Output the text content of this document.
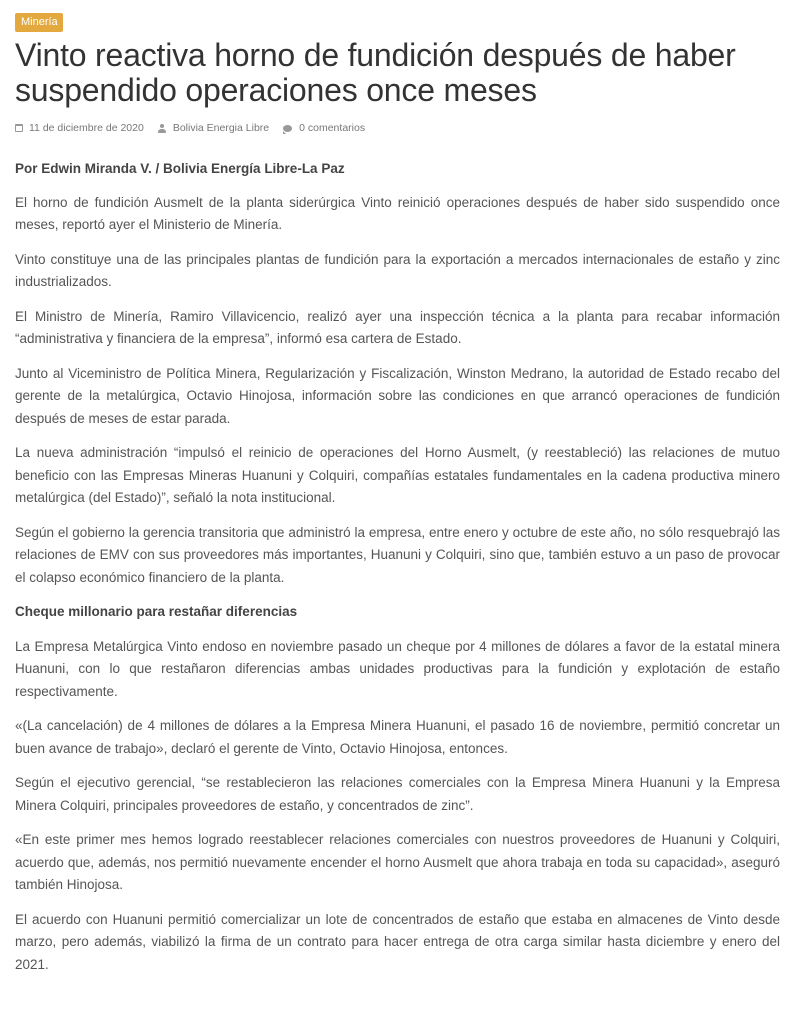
Minería
Vinto reactiva horno de fundición después de haber
suspendido operaciones once meses
11 de diciembre de 2020	Bolivia Energia Libre	0 comentarios

Por Edwin Miranda V. / Bolivia Energía Libre-La Paz

El horno de fundición Ausmelt de la planta siderúrgica Vinto reinició operaciones después de haber sido suspendido once meses, reportó ayer el Ministerio de Minería.

Vinto constituye una de las principales plantas de fundición para la exportación a mercados internacionales de estaño y zinc industrializados.

El Ministro de Minería, Ramiro Villavicencio, realizó ayer una inspección técnica a la planta para recabar información “administrativa y financiera de la empresa”, informó esa cartera de Estado.

Junto al Viceministro de Política Minera, Regularización y Fiscalización, Winston Medrano, la autoridad de Estado recabo del gerente de la metalúrgica, Octavio Hinojosa, información sobre las condiciones en que arrancó operaciones de fundición después de meses de estar parada.

La nueva administración “impulsó el reinicio de operaciones del Horno Ausmelt, (y reestableció) las relaciones de mutuo beneficio con las Empresas Mineras Huanuni y Colquiri, compañías estatales fundamentales en la cadena productiva minero metalúrgica (del Estado)”, señaló la nota institucional.

Según el gobierno la gerencia transitoria que administró la empresa, entre enero y octubre de este año, no sólo resquebrajó las relaciones de EMV con sus proveedores más importantes, Huanuni y Colquiri, sino que, también estuvo a un paso de provocar el colapso económico financiero de la planta.

Cheque millonario para restañar diferencias

La Empresa Metalúrgica Vinto endoso en noviembre pasado un cheque por 4 millones de dólares a favor de la estatal minera Huanuni, con lo que restañaron diferencias ambas unidades productivas para la fundición y explotación de estaño respectivamente.

«(La cancelación) de 4 millones de dólares a la Empresa Minera Huanuni, el pasado 16 de noviembre, permitió concretar un buen avance de trabajo», declaró el gerente de Vinto, Octavio Hinojosa, entonces.

Según el ejecutivo gerencial, “se restablecieron las relaciones comerciales con la Empresa Minera Huanuni y la Empresa Minera Colquiri, principales proveedores de estaño, y concentrados de zinc”.

«En este primer mes hemos logrado reestablecer relaciones comerciales con nuestros proveedores de Huanuni y Colquiri, acuerdo que, además, nos permitió nuevamente encender el horno Ausmelt que ahora trabaja en toda su capacidad», aseguró también Hinojosa.

El acuerdo con Huanuni permitió comercializar un lote de concentrados de estaño que estaba en almacenes de Vinto desde marzo, pero además, viabilizó la firma de un contrato para hacer entrega de otra carga similar hasta diciembre y enero del 2021.
